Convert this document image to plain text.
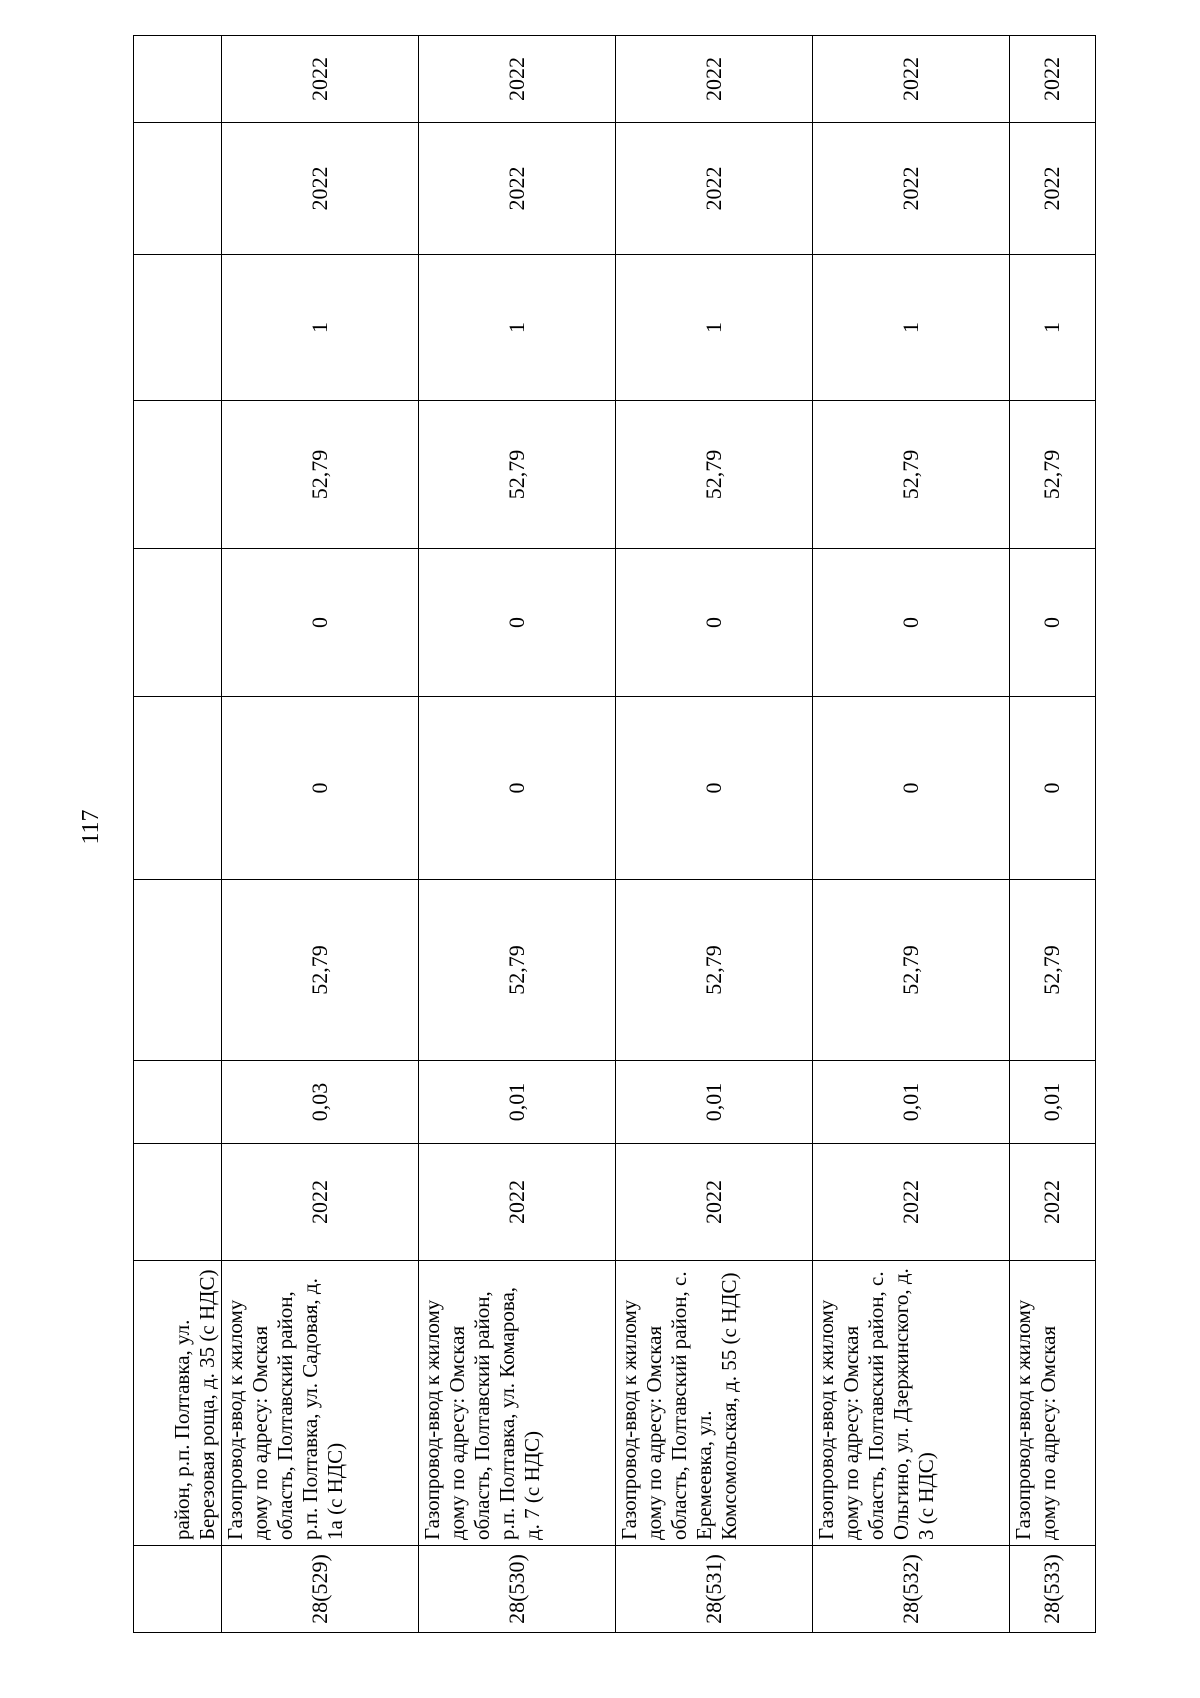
117
	район, р.п. Полтавка, ул. Березовая роща, д. 35 (с НДС)									
28(529)	Газопровод-ввод к жилому дому по адресу: Омская область, Полтавский район, р.п. Полтавка, ул. Садовая, д. 1а (с НДС)	2022	0,03	52,79	0	0	52,79	1	2022	2022
28(530)	Газопровод-ввод к жилому дому по адресу: Омская область, Полтавский район, р.п. Полтавка, ул. Комарова, д. 7 (с НДС)	2022	0,01	52,79	0	0	52,79	1	2022	2022
28(531)	Газопровод-ввод к жилому дому по адресу: Омская область, Полтавский район, с. Еремеевка, ул. Комсомольская, д. 55 (с НДС)	2022	0,01	52,79	0	0	52,79	1	2022	2022
28(532)	Газопровод-ввод к жилому дому по адресу: Омская область, Полтавский район, с. Ольгино, ул. Дзержинского, д. 3 (с НДС)	2022	0,01	52,79	0	0	52,79	1	2022	2022
28(533)	Газопровод-ввод к жилому дому по адресу: Омская	2022	0,01	52,79	0	0	52,79	1	2022	2022
